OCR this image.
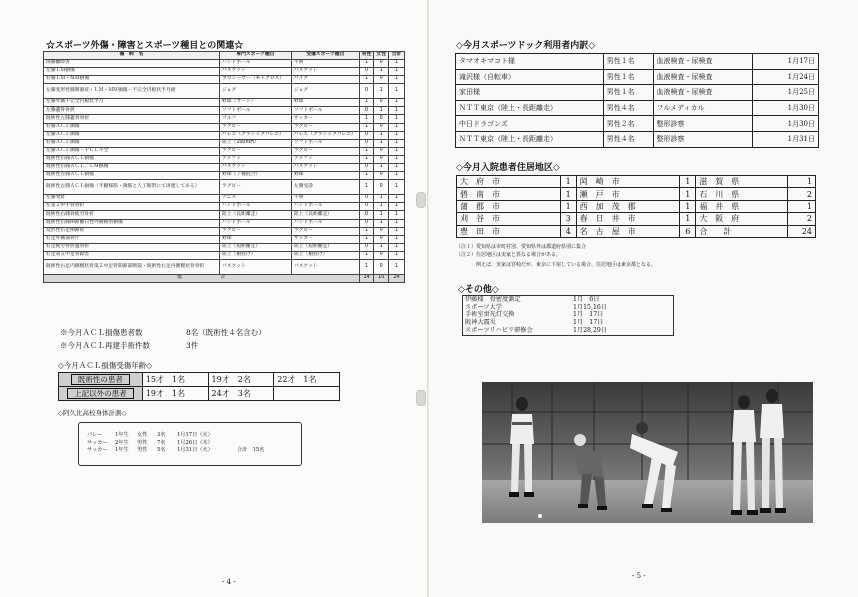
☆スポーツ外傷・障害とスポーツ種目との関連☆
傷　病　名	専門スポーツ種目	受傷スポーツ種目	男性	女性	合計
両膝離障害	ハンドボール	不明	1	0	1
左膝ＬＭ損傷	バスケット	バスケット	0	1	1
右膝ＬＭ・ＭＭ損傷	ブロンーサー（モトクロス）	バイク	1	0	1
左膝変形性膝関節症・ＬＭ・ＭＭ損傷・不完全円板状半月板	ジョグ	ジョグ	0	1	1
左膝外側不完全円板状半月	野球（サード）	野球	1	0	1
左膝蓋骨骨折	ソフトボール	ソフトボール	0	1	1
既術性左膝蓋骨骨折	ゴルフ	サッカー	1	0	1
右膝ＡＣＬ損傷	ラグビー	ラグビー	1	0	1
左膝ＡＣＬ損傷	バレエ（クラシックバレエ）	バレエ（クラシックバレエ）	0	1	1
右膝ＡＣＬ損傷	陸上（100ｍH）	ソフトボール	0	1	1
左膝ＡＣＬ損傷・ＰＣＬ不全	ラグビー	ラグビー	1	0	1
既術性右膝ＡＣＬ損傷	アメフト	アメフト	1	0	1
既術性右膝ＡＣＬ．ＬＭ損傷	バスケット	バスケット	0	1	1
既術性左膝ＡＣＬ損傷	野球（７種混合）	野球	1	0	1
既術性左膝ＡＣＬ損傷（半腱様筋・薄筋と人工靭帯にて再建してある）	ラグビー	左側受診	1	0	1
左膝発針	テニス	不明	0	1	1
左第２中手骨骨折	ハンドボール	ハンドボール	0	1	1
既術性右膝骨疲労骨折	陸上（長距離走）	陸上（長距離走）	0	1	1
既術性右膝関節離日性外側靭帯損傷	ハンドボール	ハンドボール	0	1	1
変形性右足関節症	ラグビー	ラグビー	1	0	1
右足外側部骨片	野球	サッカー	1	0	1
右足疲労骨折遺骨折	陸上（短距離走）	陸上（短距離走）	0	1	1
右足第五中足骨障害	陸上（槍投げ）	陸上（槍投げ）	1	0	1
既術性右足内側楔状骨第２中足骨開節部断裂・既術性右足内側楔状骨骨折	バスケット	バスケット	1	0	1
総　　　　　　　　計			14	10	24
※今月ＡＣＬ損傷患者数	8名（既術性４名含む）
※今月ＡＣＬ再建手術件数	3件
◇今月ＡＣＬ損傷受傷年齢◇
既術性の患者	15才　1名	19才　2名	22才　1名
上記以外の患者	19才　1名	24才　3名	
◇阿久比高校身体計測◇
バレー 1年生 女性 3名 1月17日（火）
サッカー 2年生 男性 7名 1月26日（木）
サッカー 1年生 男性 5名 1月31日（火）	合計　15名
- 4 -
◇今月スポーツドック利用者内訳◇
タマオキマコト様	男性１名	血液検査・尿検査	1月17日
滝沢様（自転車）	男性１名	血液検査・尿検査	1月24日
家田様	男性１名	血液検査・尿検査	1月25日
ＮＴＴ東京（陸上・長距離走）	男性４名	フルメディカル	1月30日
中日ドラゴンズ	男性２名	整形診察	1月30日
ＮＴＴ東京（陸上・長距離走）	男性４名	整形診察	1月31日
◇今月入院患者住居地区◇
大　府　市	1	岡　崎　市	1	滋　賀　県	1
碧　南　市	1	瀬　戸　市	1	石　川　県	2
蒲　郡　市	1	西　加　茂　郡	1	福　井　県	1
刈　谷　市	3	春　日　井　市	1	大　阪　府	2
豊　田　市	4	名　古　屋　市	6	合　　計	24
（注１）愛知県は市町村別、愛知県外は都道府県別に集合
（注２）住居地区は実家と異なる場合がある。
例えば、実家は宮崎だが、東京に下宿している場合、住居地区は東京都となる。
◇その他◇
伊藤様　骨密度測定	1月　6日
スポーツ大学	1月15,16日
手術室蛍光灯交換	1月　17日
阪神大震災	1月　17日
スポーツリハビリ研修会	1月28,29日
- 5 -
